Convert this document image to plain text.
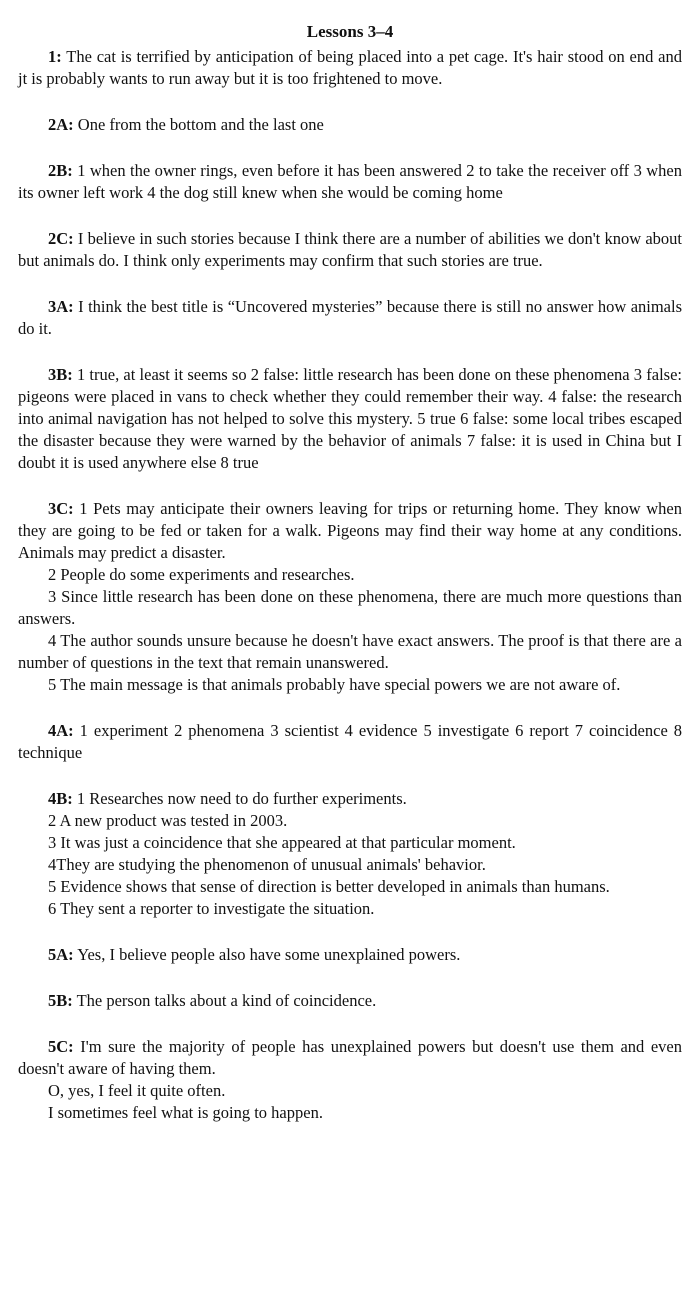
Lessons 3–4

1: The cat is terrified by anticipation of being placed into a pet cage. It's hair stood on end and jt is probably wants to run away but it is too frightened to move.

2A: One from the bottom and the last one

2B: 1 when the owner rings, even before it has been answered 2 to take the receiver off 3 when its owner left work 4 the dog still knew when she would be coming home

2C: I believe in such stories because I think there are a number of abilities we don't know about but animals do. I think only experiments may confirm that such stories are true.

3A: I think the best title is “Uncovered mysteries” because there is still no answer how animals do it.

3B: 1 true, at least it seems so 2 false: little research has been done on these phenomena 3 false: pigeons were placed in vans to check whether they could remember their way. 4 false: the research into animal navigation has not helped to solve this mystery. 5 true 6 false: some local tribes escaped the disaster because they were warned by the behavior of animals 7 false: it is used in China but I doubt it is used anywhere else 8 true

3C: 1 Pets may anticipate their owners leaving for trips or returning home. They know when they are going to be fed or taken for a walk. Pigeons may find their way home at any conditions. Animals may predict a disaster.

2 People do some experiments and researches.

3 Since little research has been done on these phenomena, there are much more questions than answers.

4 The author sounds unsure because he doesn't have exact answers. The proof is that there are a number of questions in the text that remain unanswered.

5 The main message is that animals probably have special powers we are not aware of.

4A: 1 experiment 2 phenomena 3 scientist 4 evidence 5 investigate 6 report 7 coincidence 8 technique

4B: 1 Researches now need to do further experiments.

2 A new product was tested in 2003.

3 It was just a coincidence that she appeared at that particular moment.

4They are studying the phenomenon of unusual animals' behavior.

5 Evidence shows that sense of direction is better developed in animals than humans.

6 They sent a reporter to investigate the situation.

5A: Yes, I believe people also have some unexplained powers.

5B: The person talks about a kind of coincidence.

5C: I'm sure the majority of people has unexplained powers but doesn't use them and even doesn't aware of having them.

O, yes, I feel it quite often.

I sometimes feel what is going to happen.
